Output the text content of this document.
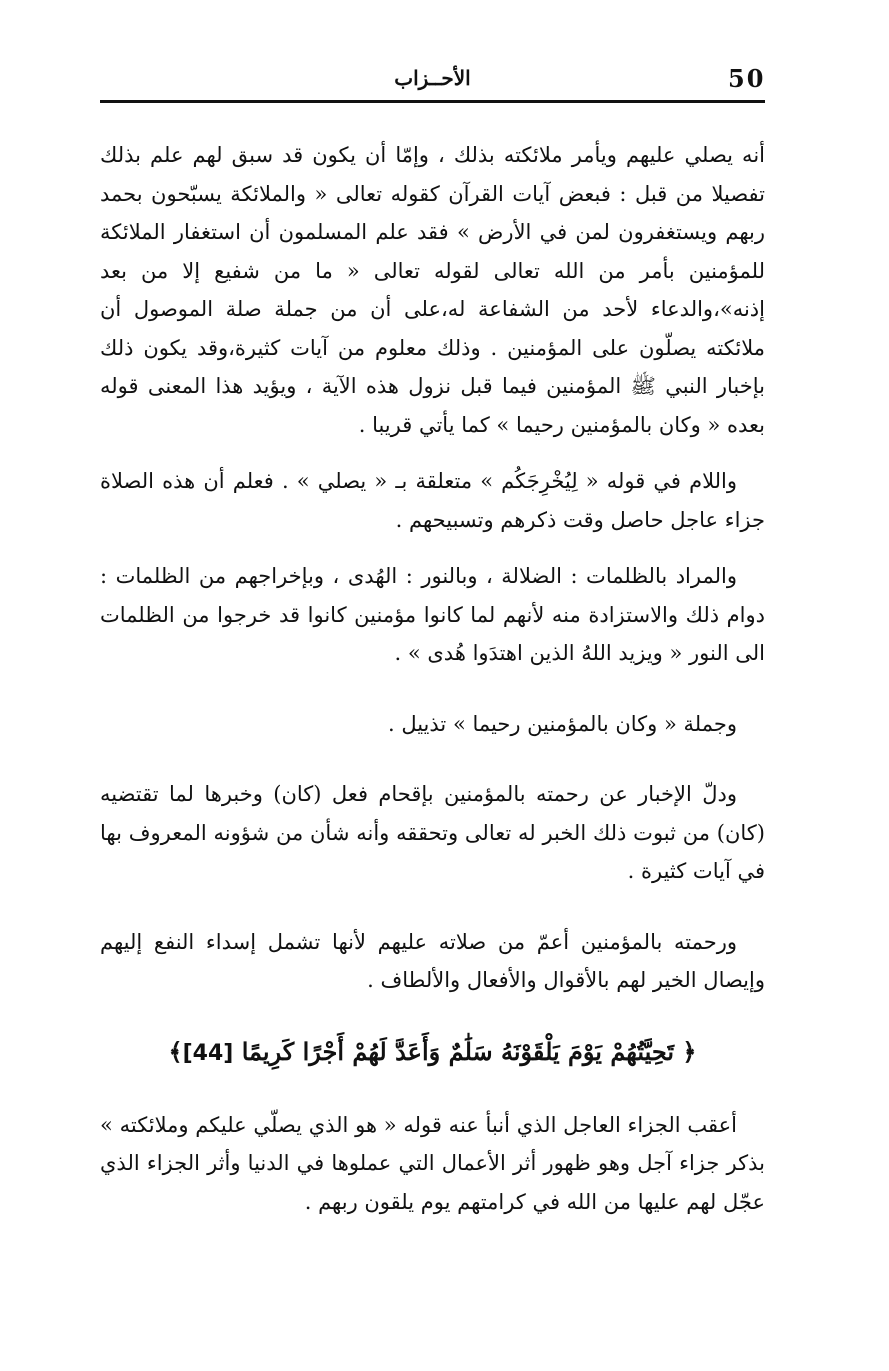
50
الأحــزاب

أنه يصلي عليهم ويأمر ملائكته بذلك ، وإمّا أن يكون قد سبق لهم علم بذلك تفصيلا من قبل : فبعض آيات القرآن كقوله تعالى « والملائكة يسبّحون بحمد ربهم ويستغفرون لمن في الأرض » فقد علم المسلمون أن استغفار الملائكة للمؤمنين بأمر من الله تعالى لقوله تعالى « ما من شفيع إلا من بعد إذنه»،والدعاء لأحد من الشفاعة له،على أن من جملة صلة الموصول أن ملائكته يصلّون على المؤمنين . وذلك معلوم من آيات كثيرة،وقد يكون ذلك بإخبار النبي ﷺ المؤمنين فيما قبل نزول هذه الآية ، ويؤيد هذا المعنى قوله بعده « وكان بالمؤمنين رحيما » كما يأتي قريبا .

واللام في قوله « لِيُخْرِجَكُم » متعلقة بـ « يصلي » . فعلم أن هذه الصلاة جزاء عاجل حاصل وقت ذكرهم وتسبيحهم .

والمراد بالظلمات : الضلالة ، وبالنور : الهُدى ، وبإخراجهم من الظلمات : دوام ذلك والاستزادة منه لأنهم لما كانوا مؤمنين كانوا قد خرجوا من الظلمات الى النور « ويزيد اللهُ الذين اهتدَوا هُدى » .

وجملة « وكان بالمؤمنين رحيما » تذييل .

ودلّ الإخبار عن رحمته بالمؤمنين بإقحام فعل (كان) وخبرها لما تقتضيه (كان) من ثبوت ذلك الخبر له تعالى وتحققه وأنه شأن من شؤونه المعروف بها في آيات كثيرة .

ورحمته بالمؤمنين أعمّ من صلاته عليهم لأنها تشمل إسداء النفع إليهم وإيصال الخير لهم بالأقوال والأفعال والألطاف .

﴿ تَحِيَّتُهُمْ يَوْمَ يَلْقَوْنَهُ سَلَٰمٌ وَأَعَدَّ لَهُمْ أَجْرًا كَرِيمًا [44]﴾

أعقب الجزاء العاجل الذي أنبأ عنه قوله « هو الذي يصلّي عليكم وملائكته » بذكر جزاء آجل وهو ظهور أثر الأعمال التي عملوها في الدنيا وأثر الجزاء الذي عجّل لهم عليها من الله في كرامتهم يوم يلقون ربهم .
